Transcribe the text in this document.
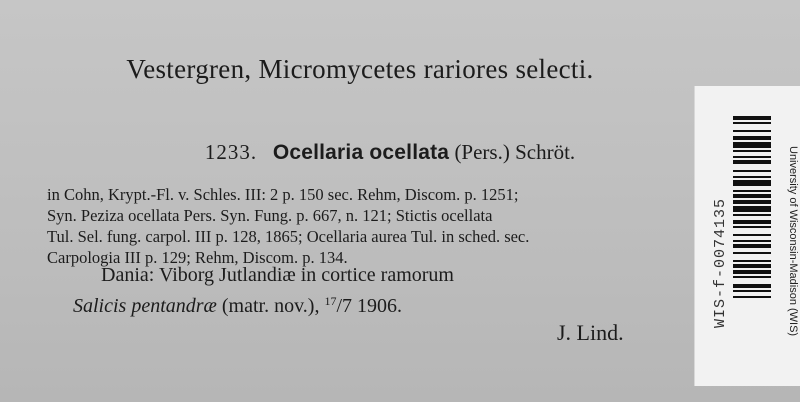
Vestergren, Micromycetes rariores selecti.
1233. Ocellaria ocellata (Pers.) Schröt.

in Cohn, Krypt.-Fl. v. Schles. III: 2 p. 150 sec. Rehm, Discom. p. 1251;

Syn. Peziza ocellata Pers. Syn. Fung. p. 667, n. 121; Stictis ocellata

Tul. Sel. fung. carpol. III p. 128, 1865; Ocellaria aurea Tul. in sched. sec.

Carpologia III p. 129; Rehm, Discom. p. 134.

Dania: Viborg Jutlandiæ in cortice ramorum

Salicis pentandræ (matr. nov.), $^{17}$/7 1906.

J. Lind.
WIS-f-0074135	University of Wisconsin-Madison (WIS)
